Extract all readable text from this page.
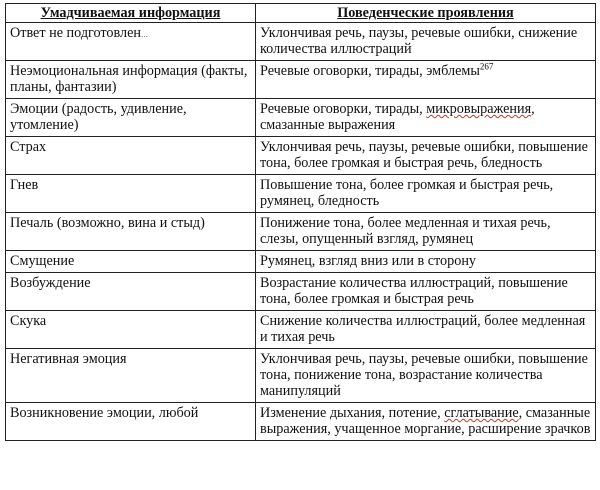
Умадчиваемая информация	Поведенческие проявления
Ответ не подготовлен…	Уклончивая речь, паузы, речевые ошибки, снижение количества иллюстраций
Неэмоциональная информация (факты, планы, фантазии)	Речевые оговорки, тирады, эмблемы$^{267}$
Эмоции (радость, удивление, утомление)	Речевые оговорки, тирады, микровыражения, смазанные выражения
Страх	Уклончивая речь, паузы, речевые ошибки, повышение тона, более громкая и быстрая речь, бледность
Гнев	Повышение тона, более громкая и быстрая речь, румянец, бледность
Печаль (возможно, вина и стыд)	Понижение тона, более медленная и тихая речь, слезы, опущенный взгляд, румянец
Смущение	Румянец, взгляд вниз или в сторону
Возбуждение	Возрастание количества иллюстраций, повышение тона, более громкая и быстрая речь
Скука	Снижение количества иллюстраций, более медленная и тихая речь
Негативная эмоция	Уклончивая речь, паузы, речевые ошибки, повышение тона, понижение тона, возрастание количества манипуляций
Возникновение эмоции, любой	Изменение дыхания, потение, сглатывание, смазанные выражения, учащенное моргание, расширение зрачков
